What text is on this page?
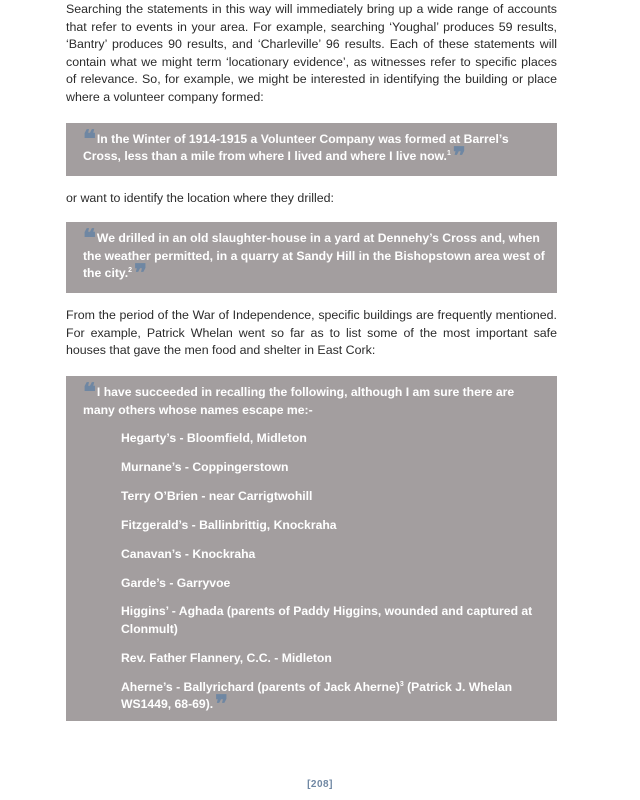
Searching the statements in this way will immediately bring up a wide range of accounts that refer to events in your area. For example, searching ‘Youghal’ produces 59 results, ‘Bantry’ produces 90 results, and ‘Charleville’ 96 results. Each of these statements will contain what we might term ‘locationary evidence’, as witnesses refer to specific places of relevance. So, for example, we might be interested in identifying the building or place where a volunteer company formed:

❝ In the Winter of 1914-1915 a Volunteer Company was formed at Barrel’s Cross, less than a mile from where I lived and where I live now.$^1$❞

or want to identify the location where they drilled:

❝ We drilled in an old slaughter-house in a yard at Dennehy’s Cross and, when the weather permitted, in a quarry at Sandy Hill in the Bishopstown area west of the city.$^2$❞

From the period of the War of Independence, specific buildings are frequently mentioned. For example, Patrick Whelan went so far as to list some of the most important safe houses that gave the men food and shelter in East Cork:

❝ I have succeeded in recalling the following, although I am sure there are many others whose names escape me:-
Hegarty’s - Bloomfield, Midleton
Murnane’s - Coppingerstown
Terry O’Brien - near Carrigtwohill
Fitzgerald’s - Ballinbrittig, Knockraha
Canavan’s - Knockraha
Garde’s - Garryvoe
Higgins’ - Aghada (parents of Paddy Higgins, wounded and captured at Clonmult)
Rev. Father Flannery, C.C. - Midleton
Aherne’s - Ballyrichard (parents of Jack Aherne)$^3$ (Patrick J. Whelan WS1449, 68-69).❞
[208]
